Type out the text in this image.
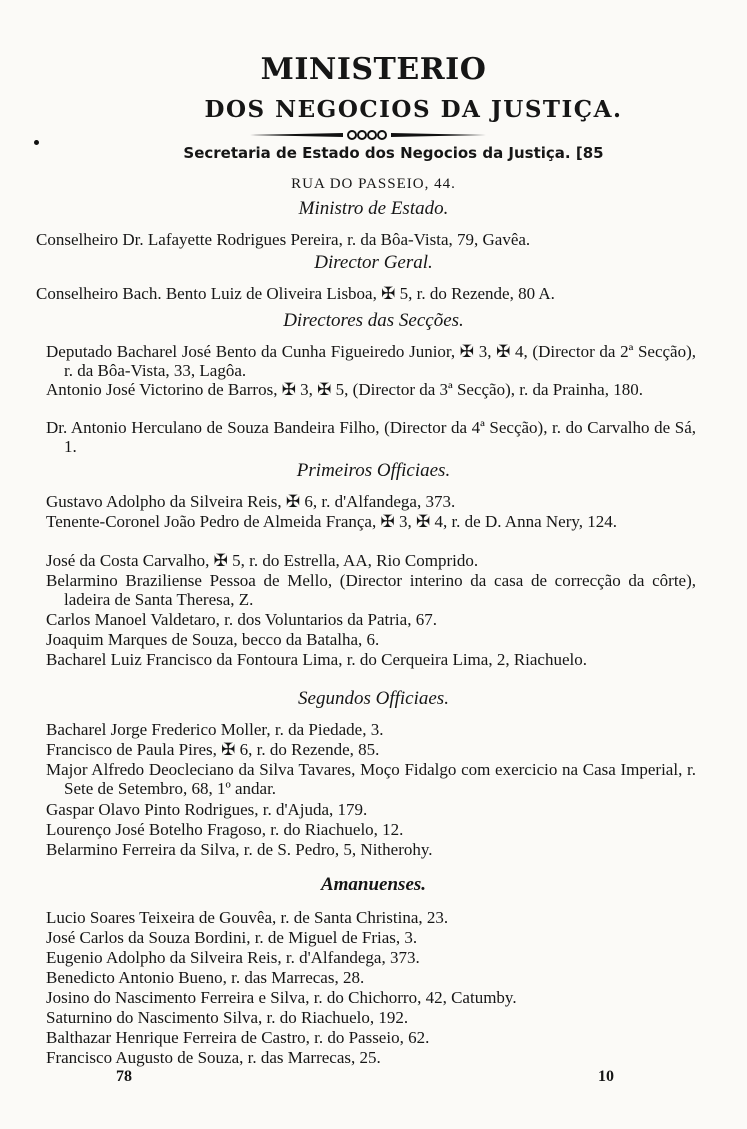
MINISTERIO
DOS NEGOCIOS DA JUSTIÇA.
Secretaria de Estado dos Negocios da Justiça. [85
RUA DO PASSEIO, 44.
Ministro de Estado.
Conselheiro Dr. Lafayette Rodrigues Pereira, r. da Bôa-Vista, 79, Gavêa.
Director Geral.
Conselheiro Bach. Bento Luiz de Oliveira Lisboa, ✠ 5, r. do Rezende, 80 A.
Directores das Secções.
Deputado Bacharel José Bento da Cunha Figueiredo Junior, ✠ 3, ✠ 4, (Director da 2ª Secção), r. da Bôa-Vista, 33, Lagôa.
Antonio José Victorino de Barros, ✠ 3, ✠ 5, (Director da 3ª Secção), r. da Prainha, 180.
Dr. Antonio Herculano de Souza Bandeira Filho, (Director da 4ª Secção), r. do Carvalho de Sá, 1.
Primeiros Officiaes.
Gustavo Adolpho da Silveira Reis, ✠ 6, r. d'Alfandega, 373.
Tenente-Coronel João Pedro de Almeida França, ✠ 3, ✠ 4, r. de D. Anna Nery, 124.
José da Costa Carvalho, ✠ 5, r. do Estrella, AA, Rio Comprido.
Belarmino Braziliense Pessoa de Mello, (Director interino da casa de correcção da côrte), ladeira de Santa Theresa, Z.
Carlos Manoel Valdetaro, r. dos Voluntarios da Patria, 67.
Joaquim Marques de Souza, becco da Batalha, 6.
Bacharel Luiz Francisco da Fontoura Lima, r. do Cerqueira Lima, 2, Riachuelo.
Segundos Officiaes.
Bacharel Jorge Frederico Moller, r. da Piedade, 3.
Francisco de Paula Pires, ✠ 6, r. do Rezende, 85.
Major Alfredo Deocleciano da Silva Tavares, Moço Fidalgo com exercicio na Casa Imperial, r. Sete de Setembro, 68, 1º andar.
Gaspar Olavo Pinto Rodrigues, r. d'Ajuda, 179.
Lourenço José Botelho Fragoso, r. do Riachuelo, 12.
Belarmino Ferreira da Silva, r. de S. Pedro, 5, Nitherohy.
Amanuenses.
Lucio Soares Teixeira de Gouvêa, r. de Santa Christina, 23.
José Carlos da Souza Bordini, r. de Miguel de Frias, 3.
Eugenio Adolpho da Silveira Reis, r. d'Alfandega, 373.
Benedicto Antonio Bueno, r. das Marrecas, 28.
Josino do Nascimento Ferreira e Silva, r. do Chichorro, 42, Catumby.
Saturnino do Nascimento Silva, r. do Riachuelo, 192.
Balthazar Henrique Ferreira de Castro, r. do Passeio, 62.
Francisco Augusto de Souza, r. das Marrecas, 25.
78	10
